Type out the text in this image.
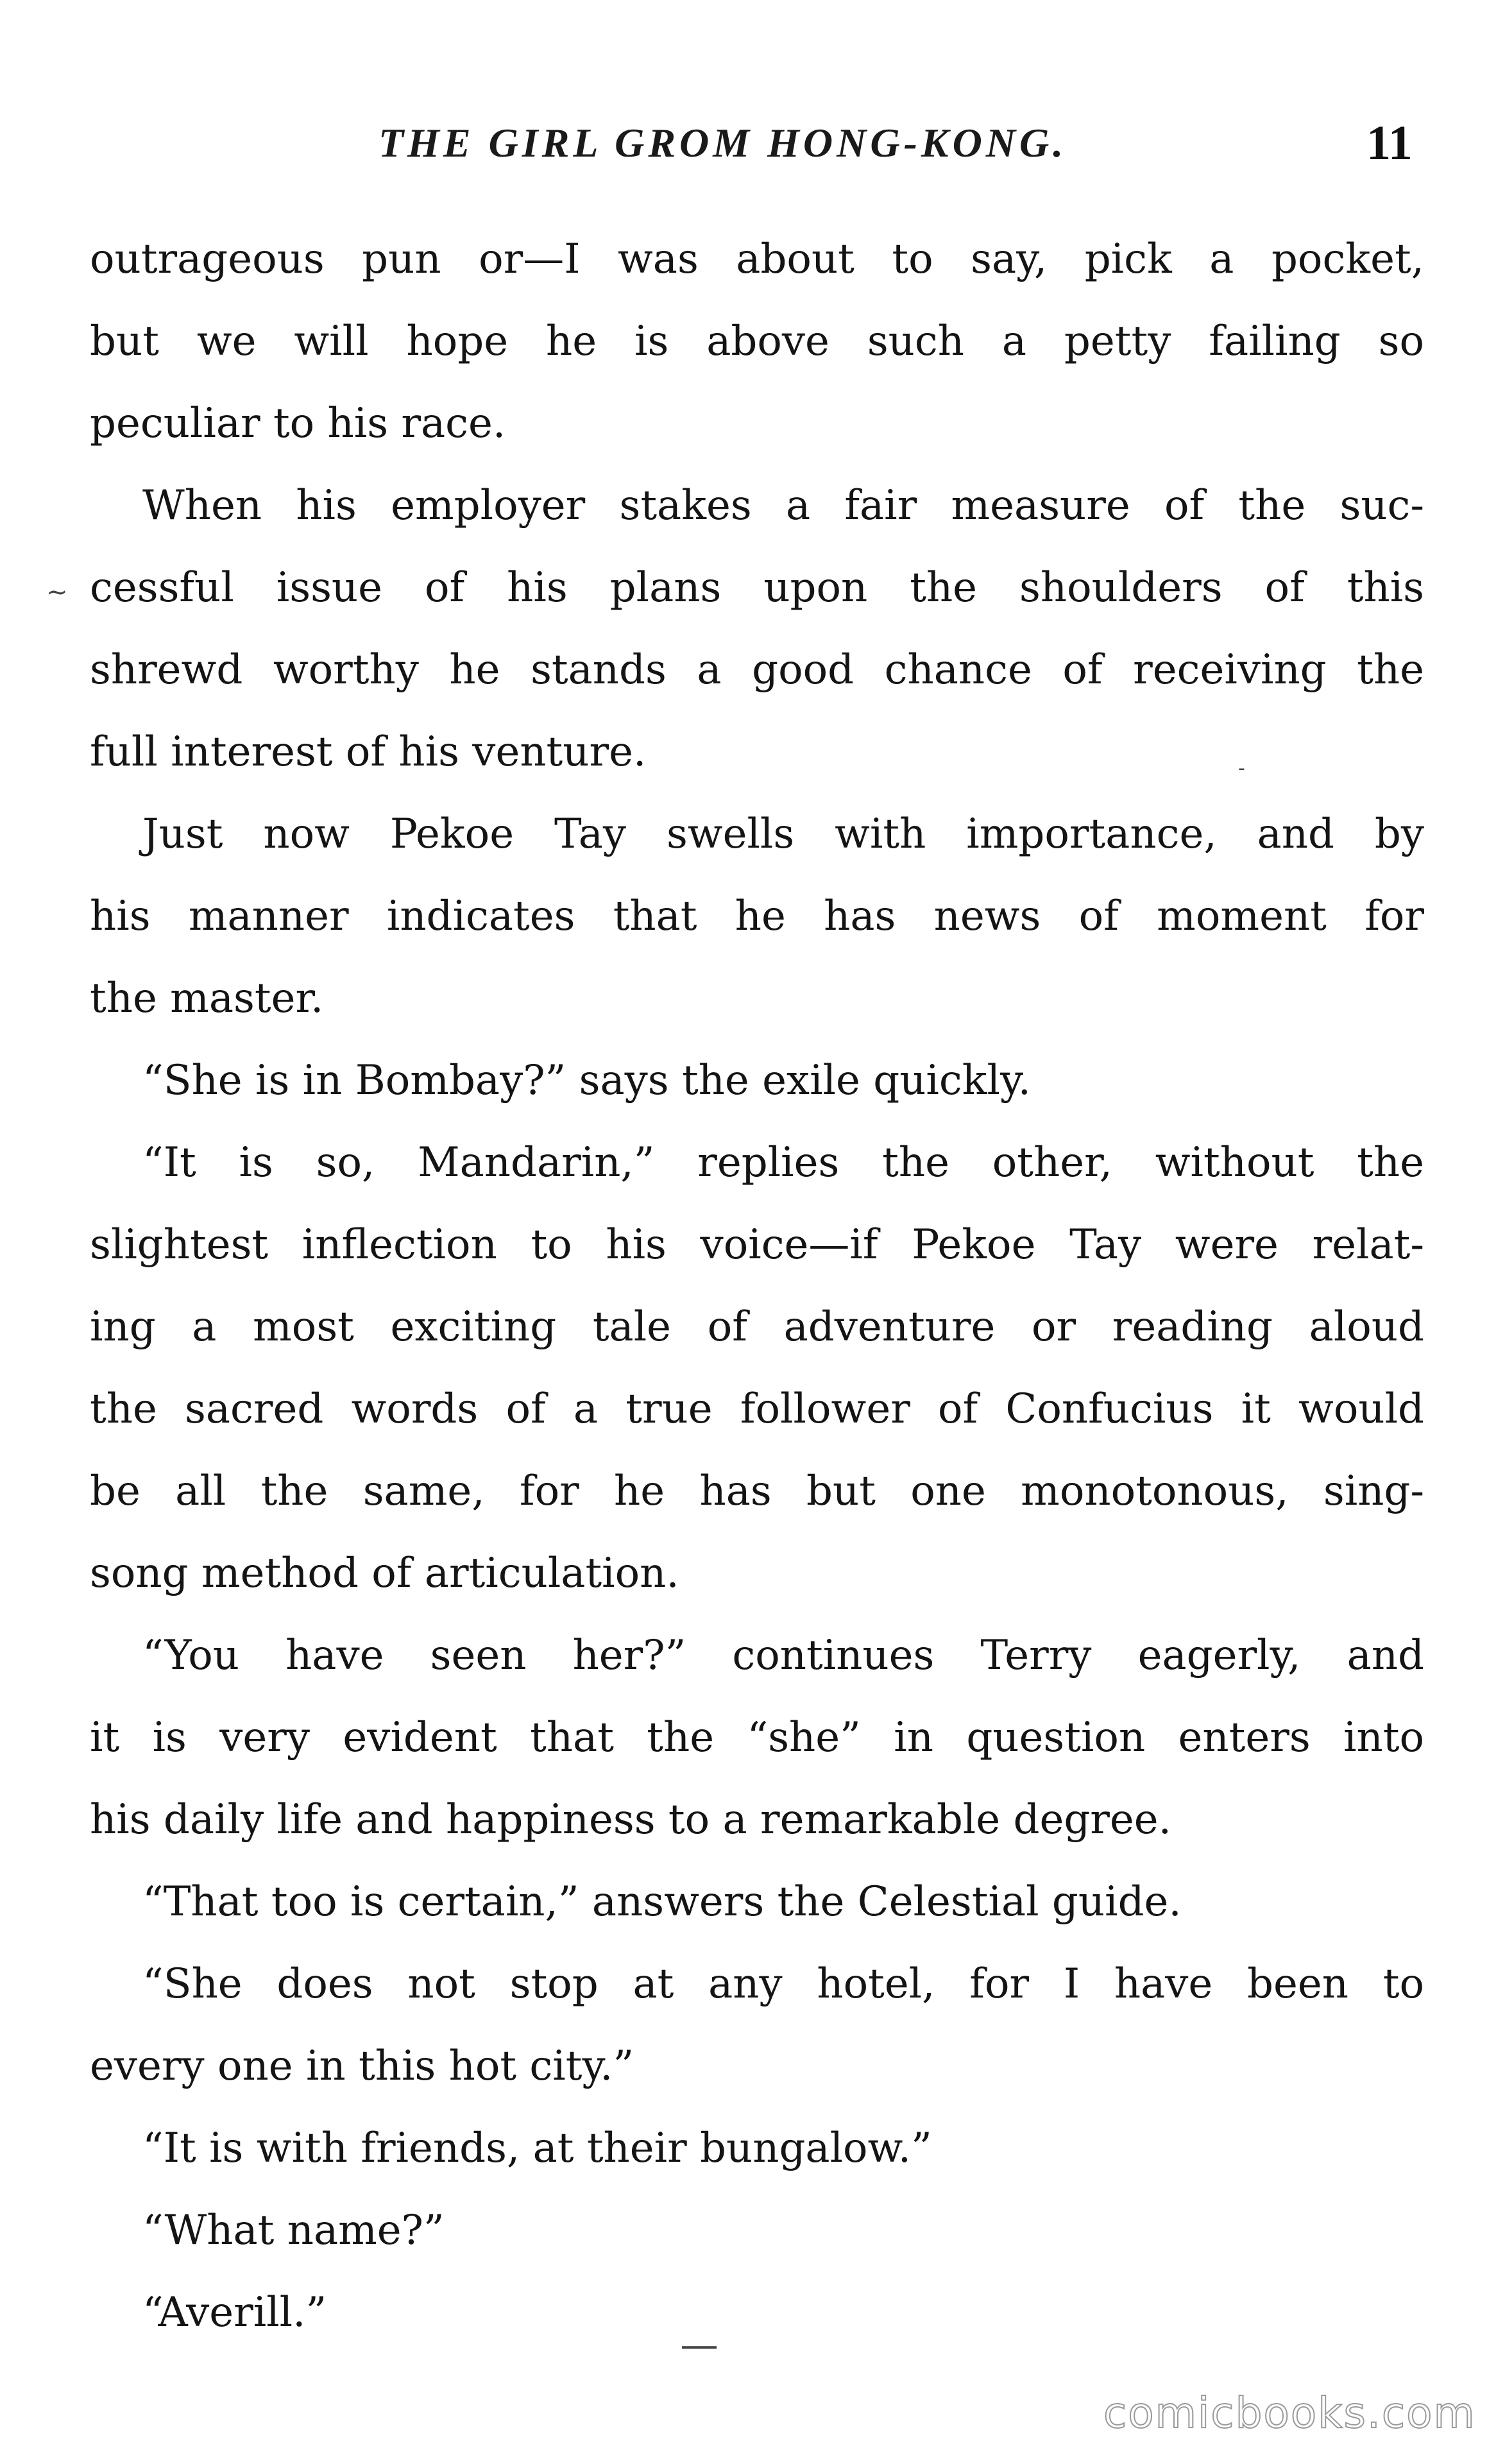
THE GIRL GROM HONG-KONG.	11
outrageous pun or—I was about to say, pick a pocket,
but we will hope he is above such a petty failing so
peculiar to his race.
When his employer stakes a fair measure of the suc-
cessful issue of his plans upon the shoulders of this
shrewd worthy he stands a good chance of receiving the
full interest of his venture.
Just now Pekoe Tay swells with importance, and by
his manner indicates that he has news of moment for
the master.
“She is in Bombay?” says the exile quickly.
“It is so, Mandarin,” replies the other, without the
slightest inflection to his voice—if Pekoe Tay were relat-
ing a most exciting tale of adventure or reading aloud
the sacred words of a true follower of Confucius it would
be all the same, for he has but one monotonous, sing-
song method of articulation.
“You have seen her?” continues Terry eagerly, and
it is very evident that the “she” in question enters into
his daily life and happiness to a remarkable degree.
“That too is certain,” answers the Celestial guide.
“She does not stop at any hotel, for I have been to
every one in this hot city.”
“It is with friends, at their bungalow.”
“What name?”
“Averill.”
~
-
—
comicbooks.com
